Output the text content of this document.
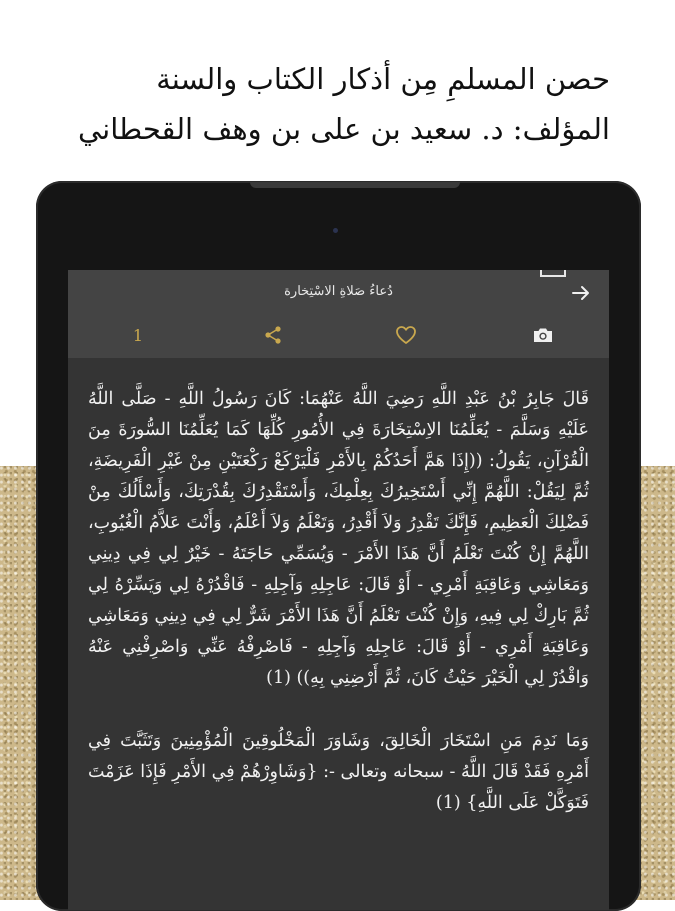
حصن المسلمِ مِن أذكار الكتاب والسنة
المؤلف: د. سعيد بن على بن وهف القحطاني
دُعاءُ صَلاةِ الاسْتِخارة
1
قَالَ جَابِرُ بْنُ عَبْدِ اللَّهِ رَضِيَ اللَّهُ عَنْهُمَا: كَانَ رَسُولُ اللَّهِ - صَلَّى اللَّهُ عَلَيْهِ وَسَلَّمَ - يُعَلِّمُنَا الاِسْتِخَارَةَ فِي الأُمُورِ كُلِّهَا كَمَا يُعَلِّمُنَا السُّورَةَ مِنَ الْقُرْآنِ، يَقُولُ: ((إِذَا هَمَّ أَحَدُكُمْ بِالأَمْرِ فَلْيَرْكَعْ رَكْعَتَيْنِ مِنْ غَيْرِ الْفَرِيضَةِ، ثُمَّ لِيَقُلْ: اللَّهُمَّ إِنِّي أَسْتَخِيرُكَ بِعِلْمِكَ، وَأَسْتَقْدِرُكَ بِقُدْرَتِكَ، وَأَسْأَلُكَ مِنْ فَضْلِكَ الْعَظِيمِ، فَإِنَّكَ تَقْدِرُ وَلاَ أَقْدِرُ، وَتَعْلَمُ وَلاَ أَعْلَمُ، وَأَنْتَ عَلاَّمُ الْغُيُوبِ، اللَّهُمَّ إِنْ كُنْتَ تَعْلَمُ أَنَّ هَذَا الأَمْرَ - وَيُسَمِّي حَاجَتَهُ - خَيْرٌ لِي فِي دِينِي وَمَعَاشِي وَعَاقِبَةِ أَمْرِي - أَوْ قَالَ: عَاجِلِهِ وَآجِلِهِ - فَاقْدُرْهُ لِي وَيَسِّرْهُ لِي ثُمَّ بَارِكْ لِي فِيهِ، وَإِنْ كُنْتَ تَعْلَمُ أَنَّ هَذَا الأَمْرَ شَرٌّ لِي فِي دِينِي وَمَعَاشِي وَعَاقِبَةِ أَمْرِي - أَوْ قَالَ: عَاجِلِهِ وَآجِلِهِ - فَاصْرِفْهُ عَنِّي وَاصْرِفْنِي عَنْهُ وَاقْدُرْ لِي الْخَيْرَ حَيْثُ كَانَ، ثُمَّ أَرْضِنِي بِهِ)) (1)
وَمَا نَدِمَ مَنِ اسْتَخَارَ الْخَالِقَ، وَشَاوَرَ الْمَخْلُوقِينَ الْمُؤْمِنِينَ وَتَثَبَّتَ فِي أَمْرِهِ فَقَدْ قَالَ اللَّهُ - سبحانه وتعالى -: {وَشَاوِرْهُمْ فِي الأَمْرِ فَإِذَا عَزَمْتَ فَتَوَكَّلْ عَلَى اللَّهِ} (1)
